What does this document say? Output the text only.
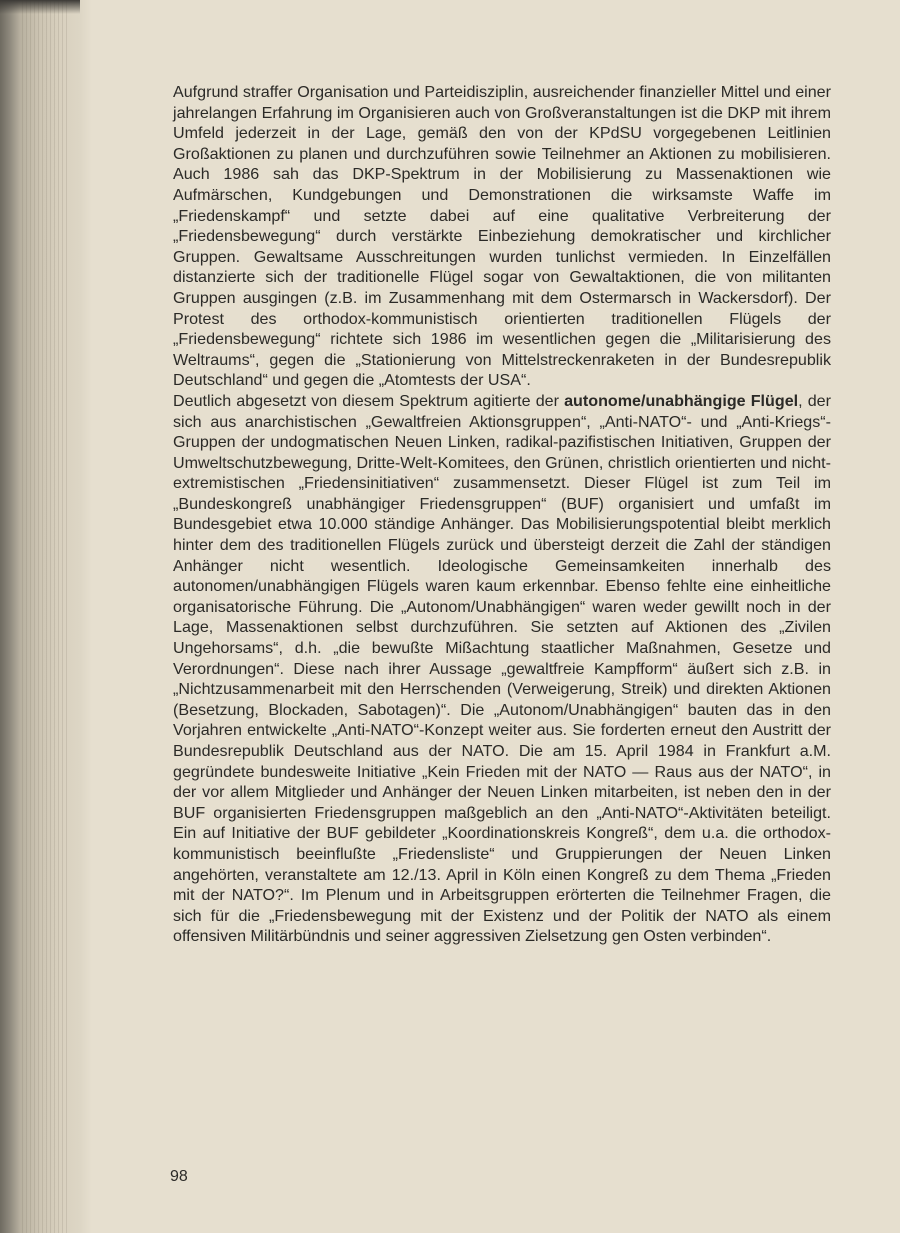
Aufgrund straffer Organisation und Parteidisziplin, ausreichender finanzieller Mittel und einer jahrelangen Erfahrung im Organisieren auch von Großveranstaltungen ist die DKP mit ihrem Umfeld jederzeit in der Lage, gemäß den von der KPdSU vorgegebenen Leitlinien Großaktionen zu planen und durchzuführen sowie Teilnehmer an Aktionen zu mobilisieren. Auch 1986 sah das DKP-Spektrum in der Mobilisierung zu Massenaktionen wie Aufmärschen, Kundgebungen und Demonstrationen die wirksamste Waffe im „Friedenskampf“ und setzte dabei auf eine qualitative Verbreiterung der „Friedensbewegung“ durch verstärkte Einbeziehung demokratischer und kirchlicher Gruppen. Gewaltsame Ausschreitungen wurden tunlichst vermieden. In Einzelfällen distanzierte sich der traditionelle Flügel sogar von Gewaltaktionen, die von militanten Gruppen ausgingen (z.B. im Zusammenhang mit dem Ostermarsch in Wackersdorf). Der Protest des orthodox-kommunistisch orientierten traditionellen Flügels der „Friedensbewegung“ richtete sich 1986 im wesentlichen gegen die „Militarisierung des Weltraums“, gegen die „Stationierung von Mittelstreckenraketen in der Bundesrepublik Deutschland“ und gegen die „Atomtests der USA“.

Deutlich abgesetzt von diesem Spektrum agitierte der autonome/unabhängige Flügel, der sich aus anarchistischen „Gewaltfreien Aktionsgruppen“, „Anti-NATO“- und „Anti-Kriegs“-Gruppen der undogmatischen Neuen Linken, radikal-pazifistischen Initiativen, Gruppen der Umweltschutzbewegung, Dritte-Welt-Komitees, den Grünen, christlich orientierten und nicht-extremistischen „Friedensinitiativen“ zusammensetzt. Dieser Flügel ist zum Teil im „Bundeskongreß unabhängiger Friedensgruppen“ (BUF) organisiert und umfaßt im Bundesgebiet etwa 10.000 ständige Anhänger. Das Mobilisierungspotential bleibt merklich hinter dem des traditionellen Flügels zurück und übersteigt derzeit die Zahl der ständigen Anhänger nicht wesentlich. Ideologische Gemeinsamkeiten innerhalb des autonomen/unabhängigen Flügels waren kaum erkennbar. Ebenso fehlte eine einheitliche organisatorische Führung. Die „Autonom/Unabhängigen“ waren weder gewillt noch in der Lage, Massenaktionen selbst durchzuführen. Sie setzten auf Aktionen des „Zivilen Ungehorsams“, d.h. „die bewußte Mißachtung staatlicher Maßnahmen, Gesetze und Verordnungen“. Diese nach ihrer Aussage „gewaltfreie Kampfform“ äußert sich z.B. in „Nichtzusammenarbeit mit den Herrschenden (Verweigerung, Streik) und direkten Aktionen (Besetzung, Blockaden, Sabotagen)“. Die „Autonom/Unabhängigen“ bauten das in den Vorjahren entwickelte „Anti-NATO“-Konzept weiter aus. Sie forderten erneut den Austritt der Bundesrepublik Deutschland aus der NATO. Die am 15. April 1984 in Frankfurt a.M. gegründete bundesweite Initiative „Kein Frieden mit der NATO — Raus aus der NATO“, in der vor allem Mitglieder und Anhänger der Neuen Linken mitarbeiten, ist neben den in der BUF organisierten Friedensgruppen maßgeblich an den „Anti-NATO“-Aktivitäten beteiligt. Ein auf Initiative der BUF gebildeter „Koordinationskreis Kongreß“, dem u.a. die orthodox-kommunistisch beeinflußte „Friedensliste“ und Gruppierungen der Neuen Linken angehörten, veranstaltete am 12./13. April in Köln einen Kongreß zu dem Thema „Frieden mit der NATO?“. Im Plenum und in Arbeitsgruppen erörterten die Teilnehmer Fragen, die sich für die „Friedensbewegung mit der Existenz und der Politik der NATO als einem offensiven Militärbündnis und seiner aggressiven Zielsetzung gen Osten verbinden“.

98
